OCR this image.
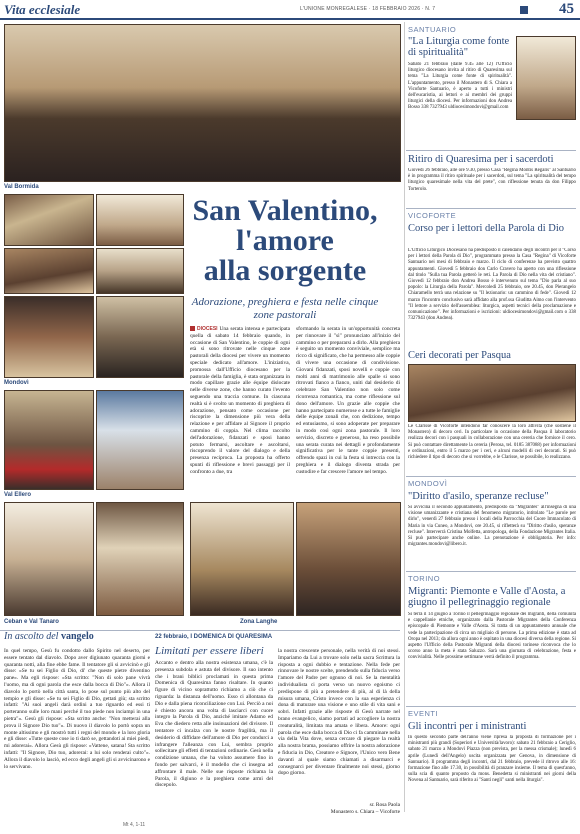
Vita ecclesiale	L'UNIONE MONREGALESE · 18 FEBBRAIO 2026 · N. 7	45
Val Bormida
Mondovì
Val Ellero
Ceban e Val Tanaro	Zona Langhe
San Valentino,
l'amore
alla sorgente
Adorazione, preghiera e festa nelle cinque zone pastorali
DIOCESI Una serata intensa e partecipata quella di sabato 14 febbraio quando, in occasione di San Valentino, le coppie di ogni età si sono ritrovate nelle cinque zone pastorali della diocesi per vivere un momento speciale dedicato all'amore. L'iniziativa, promossa dall'Ufficio diocesano per la pastorale della famiglia, è stata organizzata in modo capillare grazie alle équipe dislocate nelle diverse zone, che hanno curato l'evento seguendo una traccia comune. In ciascuna realtà si è svolto un momento di preghiera di adorazione, pensato come occasione per riscoprire la dimensione più vera della relazione e per affidare al Signore il proprio cammino di coppia. Nel clima raccolto dell'adorazione, fidanzati e sposi hanno potuto fermarsi, ascoltare e ascoltarsi, riscoprendo il valore del dialogo e della presenza reciproca. La proposta ha offerto spunti di riflessione e brevi passaggi per il confronto a due, tra
sformando la serata in un'opportunità concreta per rinnovare il "sì" pronunciato all'inizio del cammino o per prepararsi a dirlo. Alla preghiera è seguito un momento conviviale, semplice ma ricco di significato, che ha permesso alle coppie di vivere una occasione di condivisione. Giovani fidanzati, sposi novelli e coppie con molti anni di matrimonio alle spalle si sono ritrovati fianco a fianco, uniti dal desiderio di celebrare San Valentino non solo come ricorrenza romantica, ma come riflessione sul dono dell'amore. Un grazie alle coppie che hanno partecipato numerose e a tutte le famiglie delle équipe zonali che, con dedizione, tempo ed entusiasmo, si sono adoperate per preparare in modo così ogni zona pastorale. Il loro servizio, discreto e generoso, ha reso possibile una serata curata nei dettagli e profondamente significativa per le tante coppie presenti, offrendo spazi in cui la festa si intreccia con la preghiera e il dialogo diventa strada per custodire e far crescere l'amore nel tempo.
In ascolto del vangelo	22 febbraio, I DOMENICA DI QUARESIMA
Limitati per essere liberi
In quel tempo, Gesù fu condotto dallo Spirito nel deserto, per essere tentato dal diavolo. Dopo aver digiunato quaranta giorni e quaranta notti, alla fine ebbe fame. Il tentatore gli si avvicinò e gli disse: «Se tu sei Figlio di Dio, di' che queste pietre diventino pane». Ma egli rispose: «Sta scritto: "Non di solo pane vivrà l'uomo, ma di ogni parola che esce dalla bocca di Dio"». Allora il diavolo lo portò nella città santa, lo pose sul punto più alto del tempio e gli disse: «Se tu sei Figlio di Dio, gettati giù; sta scritto infatti: "Ai suoi angeli darà ordini a tuo riguardo ed essi ti porteranno sulle loro mani perché il tuo piede non inciampi in una pietra"». Gesù gli rispose: «Sta scritto anche: "Non metterai alla prova il Signore Dio tuo"». Di nuovo il diavolo lo portò sopra un monte altissimo e gli mostrò tutti i regni del mondo e la loro gloria e gli disse: «Tutte queste cose io ti darò se, gettandoti ai miei piedi, mi adorerai». Allora Gesù gli rispose: «Vattene, satana! Sta scritto infatti: "Il Signore, Dio tuo, adorerai: a lui solo renderai culto"». Allora il diavolo lo lasciò, ed ecco degli angeli gli si avvicinarono e lo servivano.
Accanto e dentro alla nostra esistenza umana, c'è la presenza subdola e astuta del divisore. Il suo intento che i brani biblici proclamati in questa prima Domenica di Quaresima fanno risaltare. In quanto figure di vicino soprattutto richiamo a ciò che ci riguarda: la distanza dell'uomo. Esso ci allontana da Dio e dalla piena riconciliazione con Lui. Perciò a noi è chiesto ancora una volta di lasciarci con cuore integro la Parola di Dio, anziché imitare Adamo ed Eva che diedero retta alle insinuazioni del divisore. Il tentatore ci incalza con le nostre fragilità, ma il desiderio di diffidare dell'amore di Dio per condurci a infrangere l'alleanza con Lui, sembra proprio sollecitare gli effetti di tentazioni ordinarie. Gesù nella condizione umana, che ha voluto assumere fino in fondo per salvarci, è il modello che ci insegna ad affrontare il male. Nelle sue risposte richiama la Parola, il digiuno e la preghiera come armi del discepolo.
la nostra crescente personale, nella verità di noi stessi. Impariamo da Lui a trovare solo nella sacra Scrittura la risposta a ogni dubbio e tentazione. Nella fede per rinnovare le nostre scelte, prendendo sulla fiducia verso l'amore del Padre per ognuno di noi. Se la mentalità individualista ci porta verso un nuovo egoismo ci predispone di più a pretendere di più, al di là della misura umana, Cristo invece con la sua esperienza ci dona di maturare una visione e uno stile di vita sani e sobri. Infatti grazie alle risposte di Gesù narrate nel brano evangelico, siamo portati ad accogliere la nostra creaturalità, limitata ma amata e libera. Amore: ogni parola che esce dalla bocca di Dio ci fa camminare nella via della Vita dove, senza cercare di piegare la realtà alla nostra brama, possiamo offrire la nostra adorazione e fiducia in Dio, Creatore e Signore, l'Unico vero Bene davanti al quale siamo chiamati a disarmarci e consegnarci per diventare finalmente noi stessi, giorno dopo giorno.
sr. Rosa Paola
Monastero s. Chiara – Vicoforte
Mt 4, 1-11
SANTUARIO
"La Liturgia come fonte di spiritualità"
Sabato 21 febbraio (dalle 9.45 alle 12) l'Ufficio liturgico diocesano invita al ritiro di Quaresima sul tema "La Liturgia come fonte di spiritualità". L'appuntamento, presso il Monastero di S. Chiara a Vicoforte Santuario, è aperto a tutti i ministri dell'eucaristia, ai lettori e ai membri dei gruppi liturgici della diocesi. Per informazioni don Andrea Bosso 338 7327943 uldiocesimondovi@gmail.com
Ritiro di Quaresima per i sacerdoti
Giovedì 26 febbraio, alle ore 9.30, presso Casa "Regina Montis Regalis" al Santuario è in programma il ritiro spirituale per i sacerdoti, sul tema "La spiritualità del tempo liturgico quaresimale nella vita del prete", con riflessione tenuta da don Filippo Torterolo.
VICOFORTE
Corso per i lettori della Parola di Dio
L'Ufficio Liturgico Diocesano ha predisposto il calendario degli incontri per il "Corso per i lettori della Parola di Dio", programmato presso la Casa "Regina" di Vicoforte Santuario nei mesi di febbraio e marzo. Il ciclo di conferenze ha previsto quattro appuntamenti. Giovedì 5 febbraio don Carlo Cravero ha aperto con una riflessione dal titolo "Sulla tua Parola getterò le reti. La Parola di Dio nella vita del cristiano". Giovedì 12 febbraio don Andrea Bosso è intervenuto sul tema "Dio parla al suo popolo: la Liturgia della Parola". Mercoledì 25 febbraio, ore 20.45, don Pierangelo Chiaramello terrà una relazione su "Il lezionario: un cammino di fede". Giovedì 12 marzo l'incontro conclusivo sarà affidato alla prof.ssa Giuditta Aimo con l'intervento "Il lettore a servizio dell'assemblea: liturgica, aspetti tecnici della proclamazione e comunicazione". Per informazioni e iscrizioni: uldiocesimondovi@gmail.com o 338 7327943 (don Andrea).
Ceri decorati per Pasqua
Le Clarisse di Vicoforte intendono far conoscere la loro attività (che sostiene il Monastero) di decoro ceri. In particolare in occasione della Pasqua il laboratorio realizza decori con i pasquali in collaborazione con una cereria che fornisce il cero. Si può contattare direttamente la cereria (Perosa, tel. 0185 387088) per informazioni e ordinazioni, entro il 5 marzo per i ceri, e alcuni modelli di ceri decorati. Si può richiedere il tipo di decoro che si vorrebbe, e le Clarisse, se possibile, lo realizzano.
MONDOVÌ
"Diritto d'asilo, speranze recluse"
Si avvicina il secondo appuntamento, predisposto da "Migrantes" all'insegna di una visione umanizzante e cristiana del fenomeno migratorio, intitolato "Le parole per dirlo", venerdì 27 febbraio presso i locali della Parrocchia del Cuore Immacolato di Maria in via Cuneo, a Mondovì, ore 20.45, si rifletterà su "Diritto d'asilo, speranze recluse". Interverrà Cristina Molfetta, antropologa, della Fondazione Migrantes Italia. Si può partecipare anche online. La prenotazione è obbligatoria. Per info: migrantes.mondovi@libero.it.
TORINO
Migranti: Piemonte e Valle d'Aosta, a giugno il pellegrinaggio regionale
Si terrà il 14 giugno a Torino il pellegrinaggio regionale dei migranti, della comunità e cappellanie etniche, organizzato dalla Pastorale Migrantes della Conferenza episcopale di Piemonte e Valle d'Aosta. Si tratta di un appuntamento annuale che vede la partecipazione di circa un migliaio di persone. La prima edizione è stata ad Oropa nel 2013; da allora ogni anno è ospitato in una diocesi diversa della regione. Si aspetto l'Ufficio della Pastorale Migranti della diocesi torinese riconvoca che lo scorso anno la meta è stata Saluzzo. Sarà una giornata di celebrazione, festa e convivialità. Nelle prossime settimane verrà definito il programma.
EVENTI
Gli incontri per i ministranti
In questo secondo parte dell'anno viene ripresa la proposta di formazione per i ministranti più grandi (Superiori e Università/lavoro): sabato 21 febbraio a Ceriglio, sabato 21 marzo a Mondovì Piazza (non prevista, per la messa crismale); lunedì 6 aprile (Lunedì dell'Angelo) uscita organizzata per Genova, in dimensione di Santuario). Il programma degli incontri, dal 21 febbraio, prevede il ritrovo alle 16: formazione fino alle 17.30, in possibilità di pranzare insieme. Il tema di quest'anno, sulla scia di quanto proposto da mons. Benedetta si ministranti nei giorni della Novena al Santuario, sarà riferito ai "Santi negli" santi nella liturgia".
